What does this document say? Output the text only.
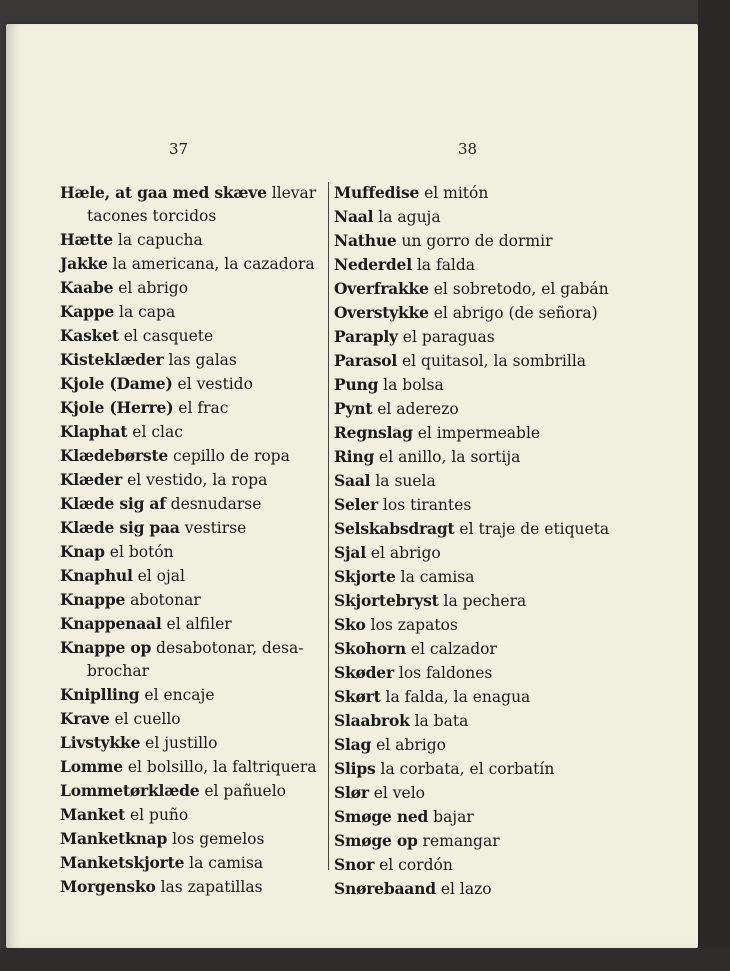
37	38
Hæle, at gaa med skæve llevar
tacones torcidos
Hætte la capucha
Jakke la americana, la cazadora
Kaabe el abrigo
Kappe la capa
Kasket el casquete
Kisteklæder las galas
Kjole (Dame) el vestido
Kjole (Herre) el frac
Klaphat el clac
Klædebørste cepillo de ropa
Klæder el vestido, la ropa
Klæde sig af desnudarse
Klæde sig paa vestirse
Knap el botón
Knaphul el ojal
Knappe abotonar
Knappenaal el alfiler
Knappe op desabotonar, desa-
brochar
Kniplling el encaje
Krave el cuello
Livstykke el justillo
Lomme el bolsillo, la faltriquera
Lommetørklæde el pañuelo
Manket el puño
Manketknap los gemelos
Manketskjorte la camisa
Morgensko las zapatillas
Muffedise el mitón
Naal la aguja
Nathue un gorro de dormir
Nederdel la falda
Overfrakke el sobretodo, el gabán
Overstykke el abrigo (de señora)
Paraply el paraguas
Parasol el quitasol, la sombrilla
Pung la bolsa
Pynt el aderezo
Regnslag el impermeable
Ring el anillo, la sortija
Saal la suela
Seler los tirantes
Selskabsdragt el traje de etiqueta
Sjal el abrigo
Skjorte la camisa
Skjortebryst la pechera
Sko los zapatos
Skohorn el calzador
Skøder los faldones
Skørt la falda, la enagua
Slaabrok la bata
Slag el abrigo
Slips la corbata, el corbatín
Slør el velo
Smøge ned bajar
Smøge op remangar
Snor el cordón
Snørebaand el lazo
